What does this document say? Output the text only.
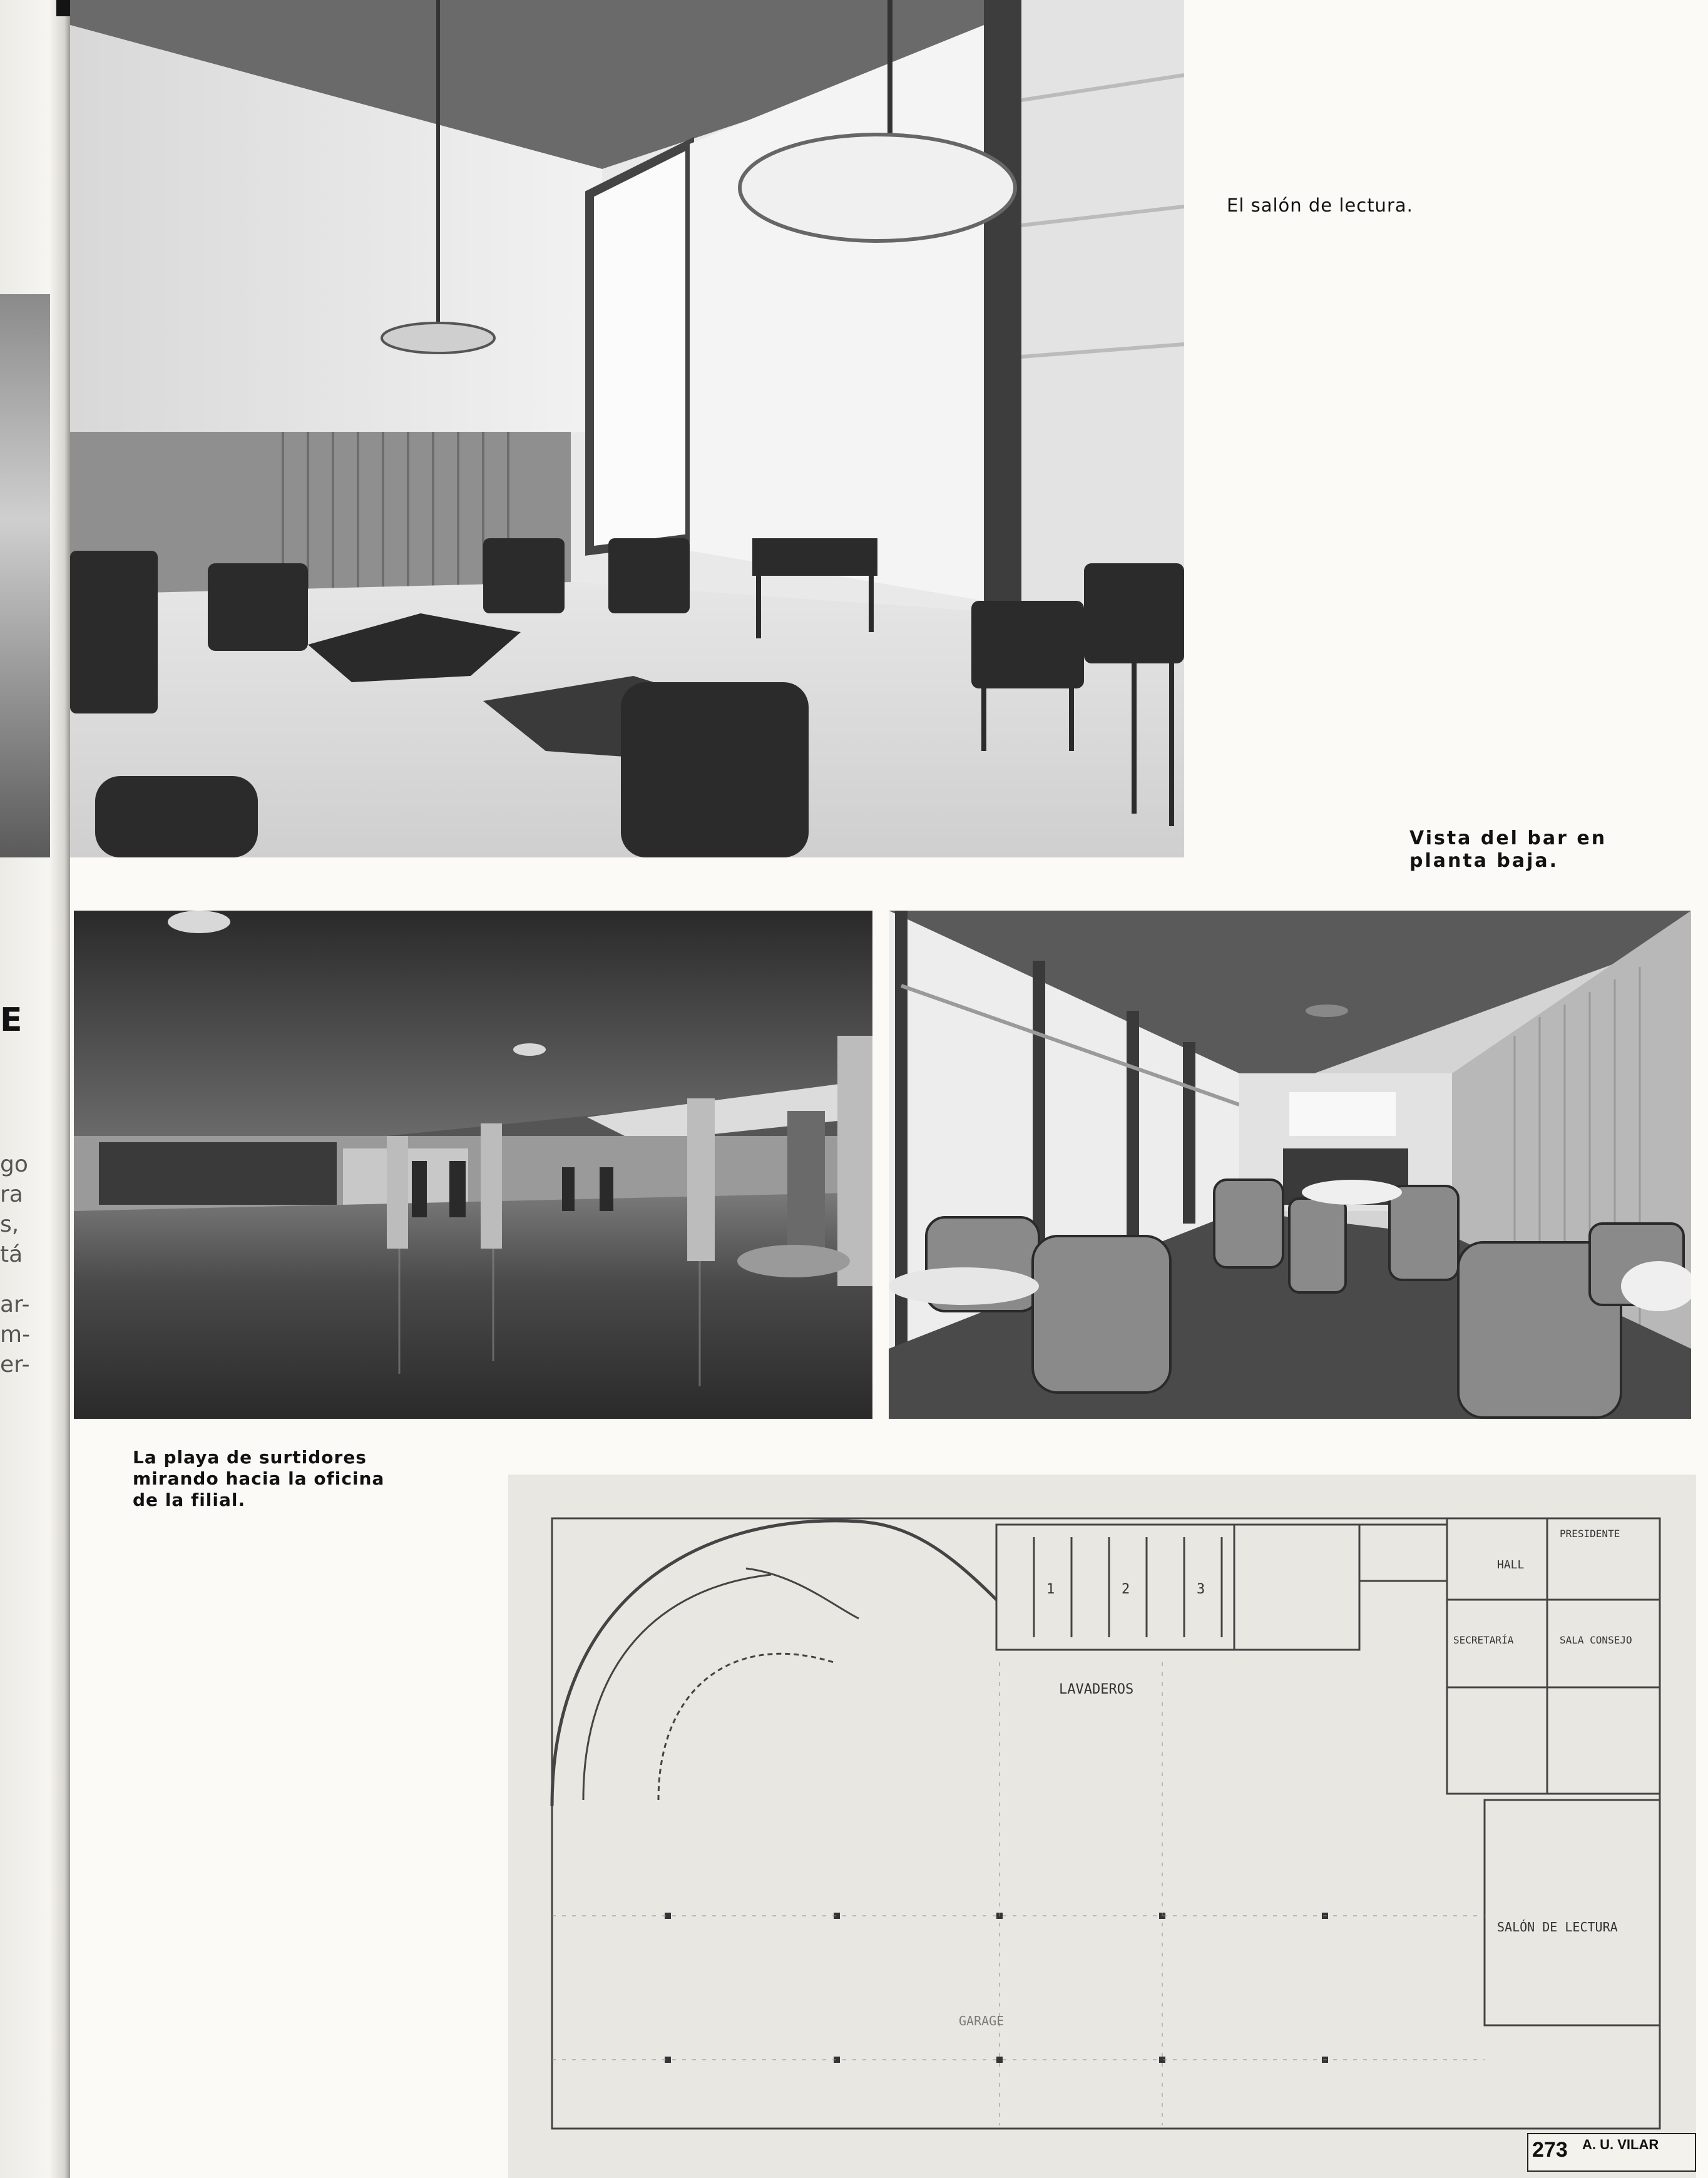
E
go
ra
s,
tá
ar-
m-
er-
El salón de lectura.
Vista del bar en planta baja.
La playa de surtidores mirando hacia la oficina de la filial.
LAVADEROS
1	2	3
GARAGE
SALÓN DE LECTURA
HALL
PRESIDENTE
SALA CONSEJO
SECRETARÍA
273 A. U. VILAR
